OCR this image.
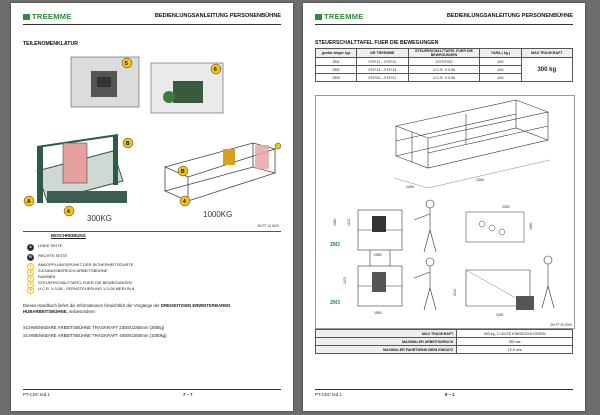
TREEMME	BEDIENLUNGSANLEITUNG PERSONENBÜHNE
TEILENOMENKLATUR
A
B
B
5
6
4
4
300KG	1000KG
2M PT 10 0003
BESCHREIBUNG
A LINKE SEITE
B RECHTE SEITE
1 ANKOPPLUNGSPUNKT DER SICHERHEITSGURTE
2 ZUGANGSBEREICH ARBEITSBÜHNE
3 RAHMEN
4 STEUERSCHALTTAFEL FUER DIE BEWEGUNGEN
5 U.C.R. V.3-08 - FERNSTEUERUNG V.3-08 MERLIN 8
Dieses Handbuch liefert die Informationen hinsichtlich der Vorgänge der DREISEITIGEN ERWEITERBAREN
HUBARBEITSBÜHNE, insbesondere:
SCHWENKBARE ARBEITSBÜHNE TRAGKRAFT 2300X1050mm (300kg)
SCHWENKBARE ARBEITSBÜHNE TRAGKRAFT 4000X1500mm (1000kg)
PT-CDC ted 1	7 – 7
TREEMME	BEDIENLUNGSANLEITUNG PERSONENBÜHNE
STEUERSCHALTTAFEL FUER DIE BEWEGUNGEN
geräte-träger typ	NR TREEMME	STEUERSCHALTTAFEL FUER DIE BEWEGUNGEN	TARA ( kg )	MAX TRAGKRAFT
ZM1	079711 – 079712	JOYSTICK	400	300 kg
ZM2	079713 – 079714	U.C.R. V.3-08	400	
ZM3	079720 – 079721	U.C.R. V.3-08	400	
2300
1400
ZM2
1450	1100
2050
2200
1650
ZM3
1100
2110
1500	1150
2M PT 09 0003
MAX TRAGKRAFT	300 kg, 3 LEUTE EINGESCHLOSSEN
MAXIMALER ARBEITSDRUCK	250 bar
MAXIMALER FAHRTWIND BEIM EINSATZ	12,5 m/s
PT-CDC ted 1	8 – 1
